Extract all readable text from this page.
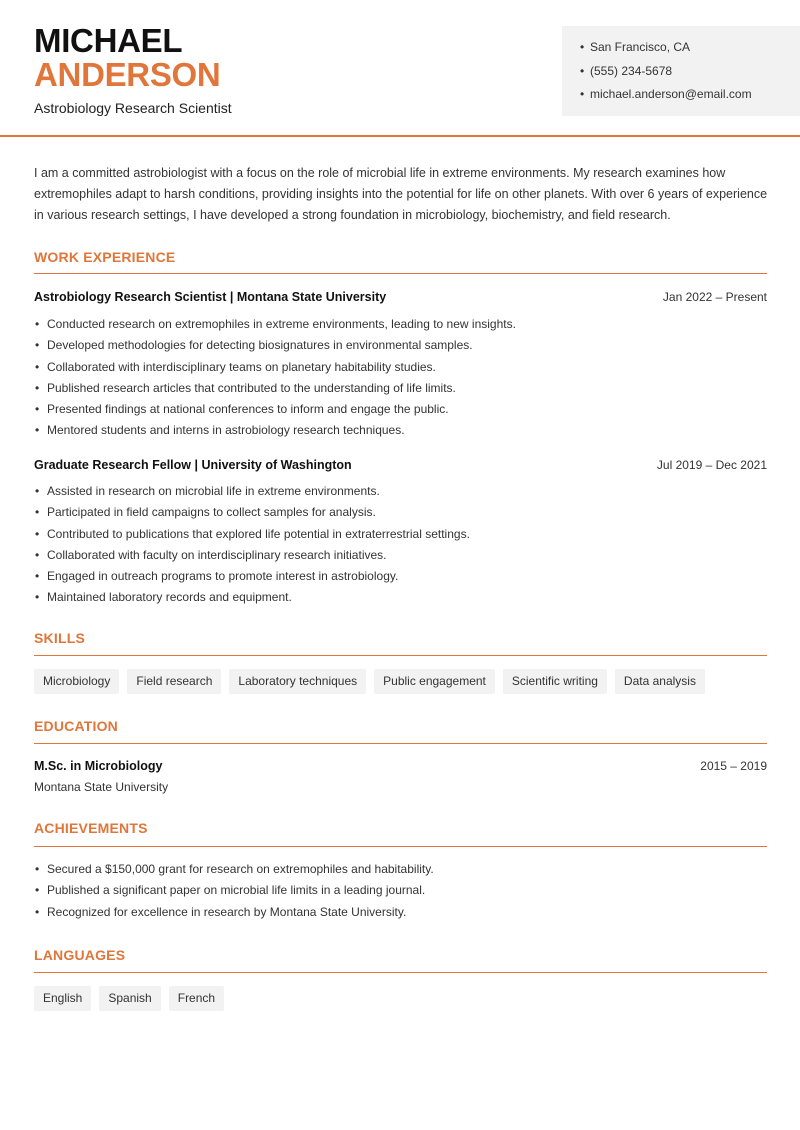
MICHAEL
ANDERSON
Astrobiology Research Scientist
• San Francisco, CA
• (555) 234-5678
• michael.anderson@email.com

I am a committed astrobiologist with a focus on the role of microbial life in extreme environments. My research examines how extremophiles adapt to harsh conditions, providing insights into the potential for life on other planets. With over 6 years of experience in various research settings, I have developed a strong foundation in microbiology, biochemistry, and field research.

WORK EXPERIENCE
Astrobiology Research Scientist | Montana State University	Jan 2022 – Present
• Conducted research on extremophiles in extreme environments, leading to new insights.
• Developed methodologies for detecting biosignatures in environmental samples.
• Collaborated with interdisciplinary teams on planetary habitability studies.
• Published research articles that contributed to the understanding of life limits.
• Presented findings at national conferences to inform and engage the public.
• Mentored students and interns in astrobiology research techniques.
Graduate Research Fellow | University of Washington	Jul 2019 – Dec 2021
• Assisted in research on microbial life in extreme environments.
• Participated in field campaigns to collect samples for analysis.
• Contributed to publications that explored life potential in extraterrestrial settings.
• Collaborated with faculty on interdisciplinary research initiatives.
• Engaged in outreach programs to promote interest in astrobiology.
• Maintained laboratory records and equipment.
SKILLS
Microbiology	Field research	Laboratory techniques	Public engagement	Scientific writing	Data analysis
EDUCATION
M.Sc. in Microbiology	2015 – 2019
Montana State University
ACHIEVEMENTS
• Secured a $150,000 grant for research on extremophiles and habitability.
• Published a significant paper on microbial life limits in a leading journal.
• Recognized for excellence in research by Montana State University.
LANGUAGES
English	Spanish	French
